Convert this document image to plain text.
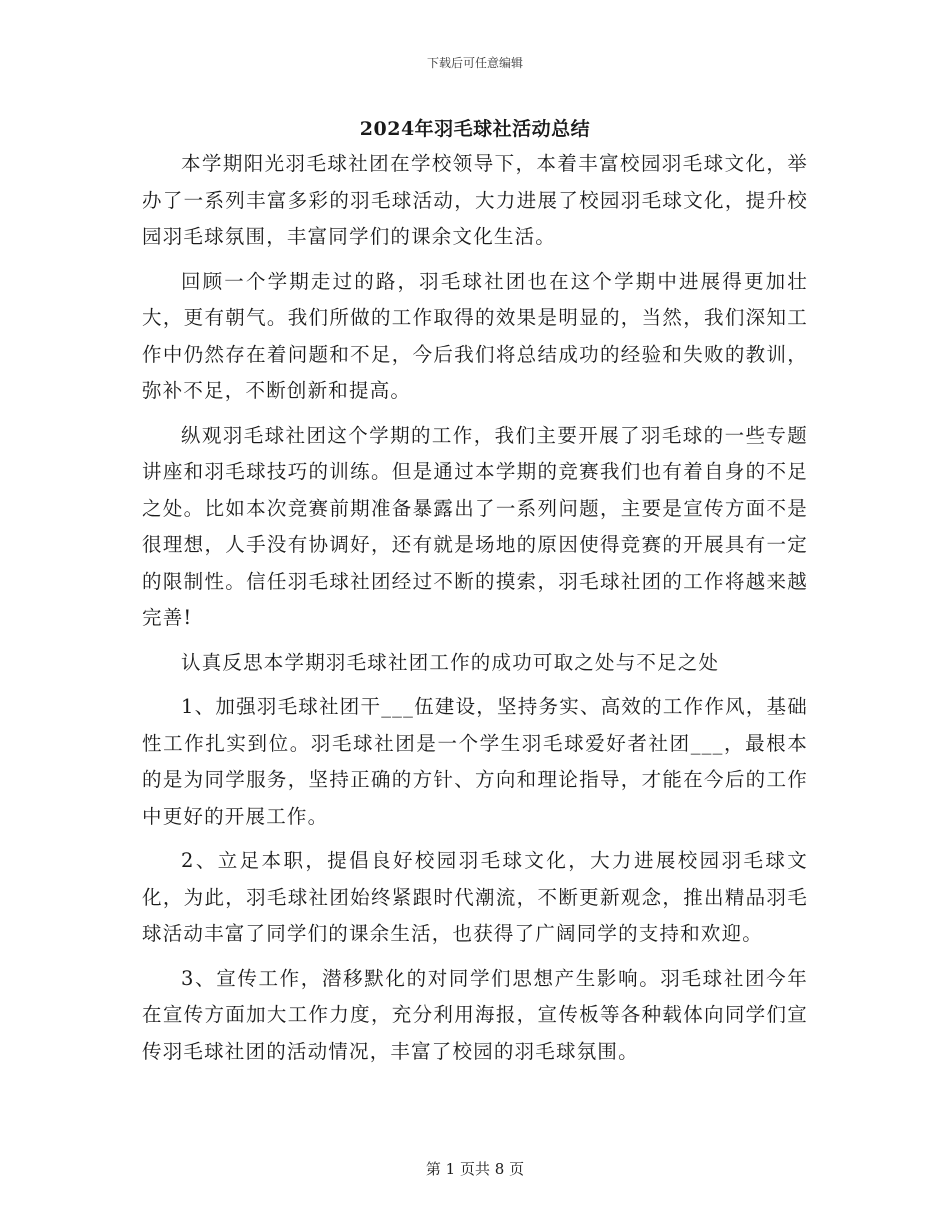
下载后可任意编辑
2024年羽毛球社活动总结

本学期阳光羽毛球社团在学校领导下，本着丰富校园羽毛球文化，举办了一系列丰富多彩的羽毛球活动，大力进展了校园羽毛球文化，提升校园羽毛球氛围，丰富同学们的课余文化生活。

回顾一个学期走过的路，羽毛球社团也在这个学期中进展得更加壮大，更有朝气。我们所做的工作取得的效果是明显的，当然，我们深知工作中仍然存在着问题和不足，今后我们将总结成功的经验和失败的教训，弥补不足，不断创新和提高。

纵观羽毛球社团这个学期的工作，我们主要开展了羽毛球的一些专题讲座和羽毛球技巧的训练。但是通过本学期的竞赛我们也有着自身的不足之处。比如本次竞赛前期准备暴露出了一系列问题，主要是宣传方面不是很理想，人手没有协调好，还有就是场地的原因使得竞赛的开展具有一定的限制性。信任羽毛球社团经过不断的摸索，羽毛球社团的工作将越来越完善!

认真反思本学期羽毛球社团工作的成功可取之处与不足之处

1、加强羽毛球社团干___伍建设，坚持务实、高效的工作作风，基础性工作扎实到位。羽毛球社团是一个学生羽毛球爱好者社团___，最根本的是为同学服务，坚持正确的方针、方向和理论指导，才能在今后的工作中更好的开展工作。

2、立足本职，提倡良好校园羽毛球文化，大力进展校园羽毛球文化，为此，羽毛球社团始终紧跟时代潮流，不断更新观念，推出精品羽毛球活动丰富了同学们的课余生活，也获得了广阔同学的支持和欢迎。

3、宣传工作，潜移默化的对同学们思想产生影响。羽毛球社团今年在宣传方面加大工作力度，充分利用海报，宣传板等各种载体向同学们宣传羽毛球社团的活动情况，丰富了校园的羽毛球氛围。

第 1 页共 8 页
